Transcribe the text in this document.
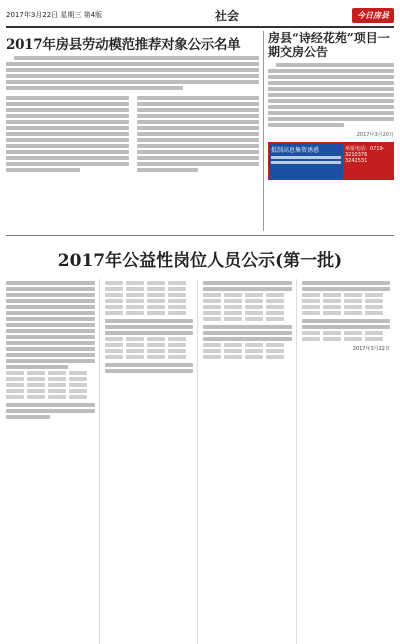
2017年3月22日 星期三 第4版	社会	今日房县
2017年房县劳动模范推荐对象公示名单	房县“诗经花苑”项目一期交房公告
2017年3月20日
抵制高息集资诱惑	举报电话：0719-3210376 3242531
2017年公益性岗位人员公示(第一批)
2017年3月22日
